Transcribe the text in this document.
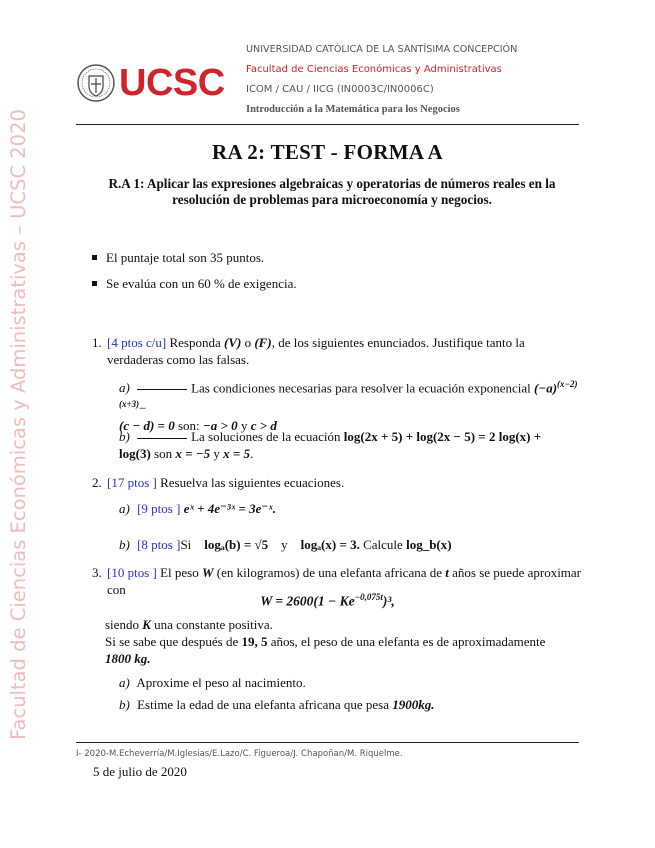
Facultad de Ciencias Económicas y Administrativas – UCSC 2020
UCSC
UNIVERSIDAD CATÓLICA DE LA SANTÍSIMA CONCEPCIÓN
Facultad de Ciencias Económicas y Administrativas
ICOM / CAU / IICG (IN0003C/IN0006C)
Introducción a la Matemática para los Negocios
RA 2: TEST - FORMA A
R.A 1: Aplicar las expresiones algebraicas y operatorias de números reales en la resolución de problemas para microeconomía y negocios.
El puntaje total son 35 puntos.
Se evalúa con un 60 % de exigencia.
1. [4 ptos c/u] Responda (V) o (F), de los siguientes enunciados. Justifique tanto la verdaderas como las falsas.
a)	Las condiciones necesarias para resolver la ecuación exponencial $(-a)^{(x-2)(x+3)}-$
(c − d) = 0 son: −a > 0 y c > d
b)	La soluciones de la ecuación log(2x + 5) + log(2x − 5) = 2 log(x) +
log(3) son x = −5 y x = 5.
2. [17 ptos ] Resuelva las siguientes ecuaciones.
a) [9 ptos ] eˣ + 4e⁻³ˣ = 3e⁻ˣ.
b) [8 ptos ]Si logₐ(b) = √5 y logₐ(x) = 3. Calcule log_b(x)
3. [10 ptos ] El peso W (en kilogramos) de una elefanta africana de t años se puede aproximar con
$W = 2600(1 - Ke^{-0,075t})^3$,
siendo K una constante positiva.
Si se sabe que después de 19, 5 años, el peso de una elefanta es de aproximadamente
1800 kg.
a) Aproxime el peso al nacimiento.
b) Estime la edad de una elefanta africana que pesa 1900kg.
I- 2020-M.Echeverría/M.Iglesias/E.Lazo/C. Figueroa/J. Chapoñan/M. Riquelme.
5 de julio de 2020
